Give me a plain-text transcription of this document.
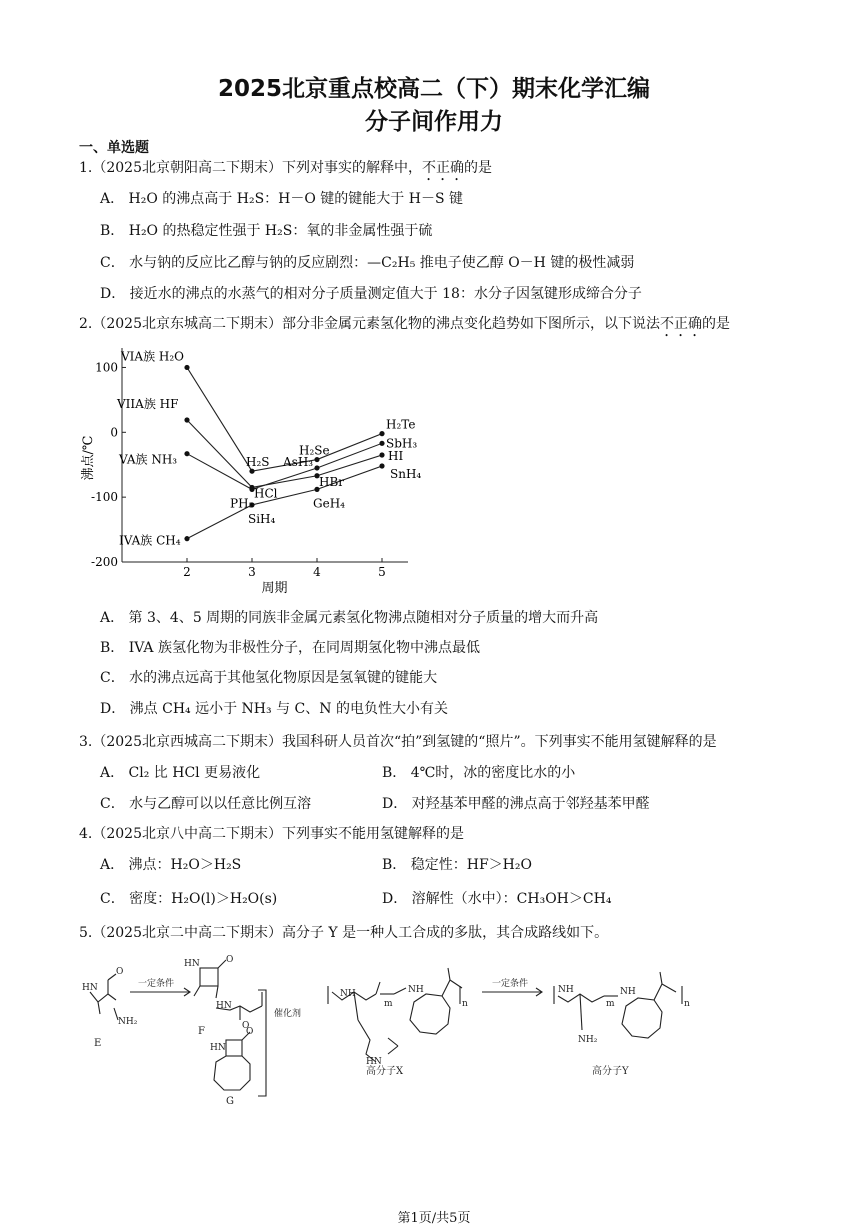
2025北京重点校高二（下）期末化学汇编
分子间作用力
一、单选题
1.（2025北京朝阳高二下期末）下列对事实的解释中，不正确的是
A． H₂O 的沸点高于 H₂S：H－O 键的键能大于 H－S 键
B． H₂O 的热稳定性强于 H₂S：氧的非金属性强于硫
C． 水与钠的反应比乙醇与钠的反应剧烈：—C₂H₅ 推电子使乙醇 O－H 键的极性减弱
D． 接近水的沸点的水蒸气的相对分子质量测定值大于 18：水分子因氢键形成缔合分子
2.（2025北京东城高二下期末）部分非金属元素氢化物的沸点变化趋势如下图所示，以下说法不正确的是
100
0
-100
-200
2	3	4	5
周期
沸点/℃
VIA族 H₂O
H₂S
H₂Se
H₂Te
VIIA族 HF
HCl
HBr
HI
VA族 NH₃
PH₃
AsH₃
SbH₃
IVA族 CH₄
SiH₄
GeH₄
SnH₄
A． 第 3、4、5 周期的同族非金属元素氢化物沸点随相对分子质量的增大而升高
B． IVA 族氢化物为非极性分子，在同周期氢化物中沸点最低
C． 水的沸点远高于其他氢化物原因是氢氧键的键能大
D． 沸点 CH₄ 远小于 NH₃ 与 C、N 的电负性大小有关
3.（2025北京西城高二下期末）我国科研人员首次“拍”到氢键的“照片”。下列事实不能用氢键解释的是
A． Cl₂ 比 HCl 更易液化	B． 4℃时，冰的密度比水的小
C． 水与乙醇可以以任意比例互溶	D． 对羟基苯甲醛的沸点高于邻羟基苯甲醛
4.（2025北京八中高二下期末）下列事实不能用氢键解释的是
A． 沸点：H₂O＞H₂S	B． 稳定性：HF＞H₂O
C． 密度：H₂O(l)＞H₂O(s)	D． 溶解性（水中）：CH₃OH＞CH₄
5.（2025北京二中高二下期末）高分子 Y 是一种人工合成的多肽，其合成路线如下。
HN
O
NH₂
E
一定条件
HN	O
HN
O
F
HN
O
G
催化剂
NH
m	n
NH
HN
高分子X
一定条件
NH
m	n
NH
NH₂
高分子Y
第1页/共5页
